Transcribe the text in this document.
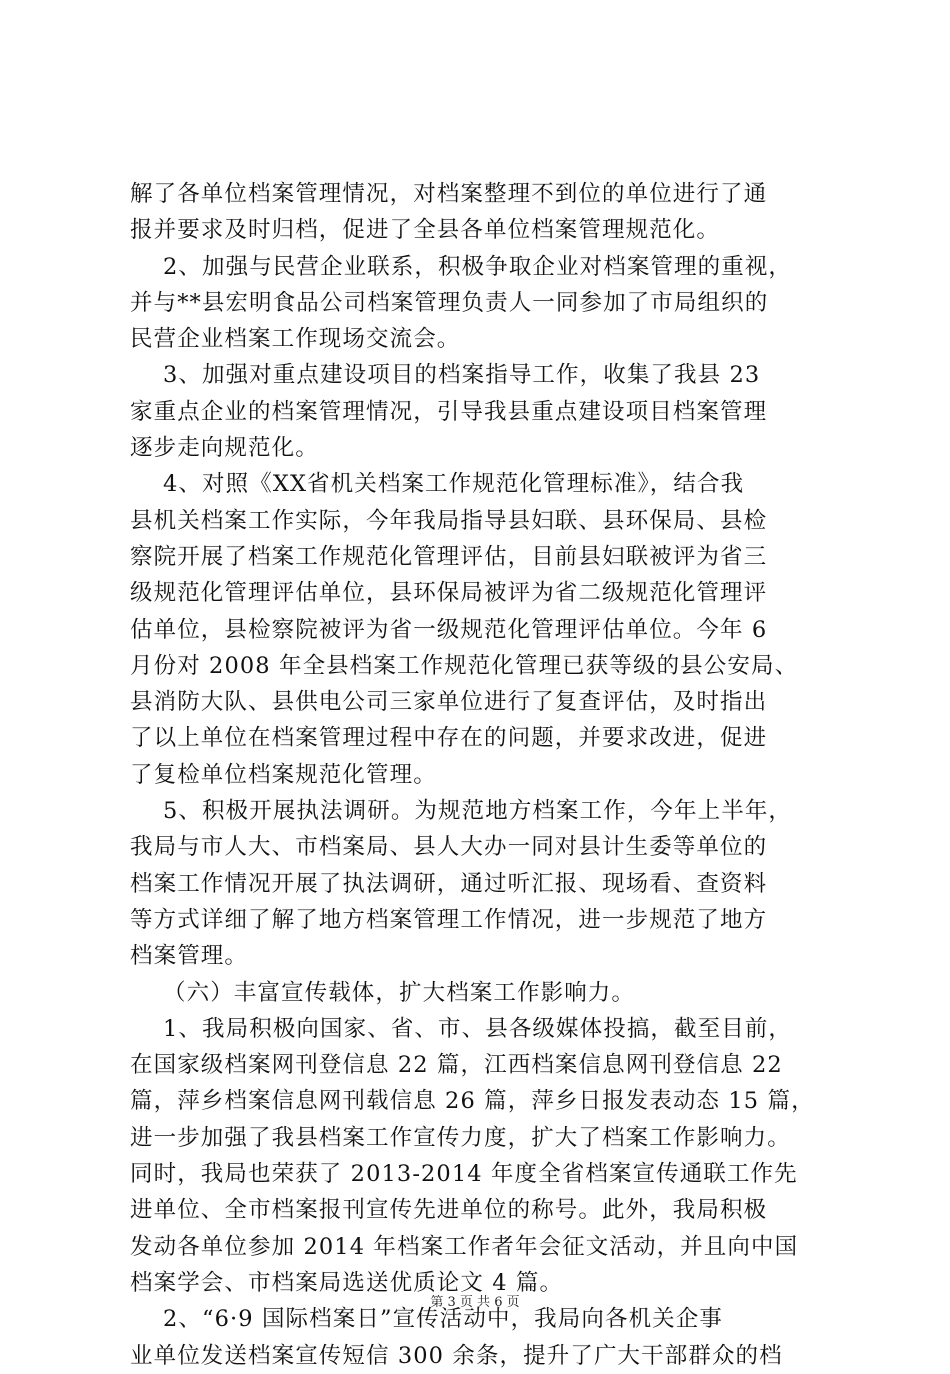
解了各单位档案管理情况，对档案整理不到位的单位进行了通
报并要求及时归档，促进了全县各单位档案管理规范化。
2、加强与民营企业联系，积极争取企业对档案管理的重视，
并与**县宏明食品公司档案管理负责人一同参加了市局组织的
民营企业档案工作现场交流会。
3、加强对重点建设项目的档案指导工作，收集了我县 23
家重点企业的档案管理情况，引导我县重点建设项目档案管理
逐步走向规范化。
4、对照《XX省机关档案工作规范化管理标准》，结合我
县机关档案工作实际，今年我局指导县妇联、县环保局、县检
察院开展了档案工作规范化管理评估，目前县妇联被评为省三
级规范化管理评估单位，县环保局被评为省二级规范化管理评
估单位，县检察院被评为省一级规范化管理评估单位。今年 6
月份对 2008 年全县档案工作规范化管理已获等级的县公安局、
县消防大队、县供电公司三家单位进行了复查评估，及时指出
了以上单位在档案管理过程中存在的问题，并要求改进，促进
了复检单位档案规范化管理。
5、积极开展执法调研。为规范地方档案工作，今年上半年，
我局与市人大、市档案局、县人大办一同对县计生委等单位的
档案工作情况开展了执法调研，通过听汇报、现场看、查资料
等方式详细了解了地方档案管理工作情况，进一步规范了地方
档案管理。
（六）丰富宣传载体，扩大档案工作影响力。
1、我局积极向国家、省、市、县各级媒体投搞，截至目前，
在国家级档案网刊登信息 22 篇，江西档案信息网刊登信息 22
篇，萍乡档案信息网刊载信息 26 篇，萍乡日报发表动态 15 篇，
进一步加强了我县档案工作宣传力度，扩大了档案工作影响力。
同时，我局也荣获了 2013-2014 年度全省档案宣传通联工作先
进单位、全市档案报刊宣传先进单位的称号。此外，我局积极
发动各单位参加 2014 年档案工作者年会征文活动，并且向中国
档案学会、市档案局选送优质论文 4 篇。
2、“6·9 国际档案日”宣传活动中，我局向各机关企事
业单位发送档案宣传短信 300 余条，提升了广大干部群众的档
第 3 页 共 6 页
